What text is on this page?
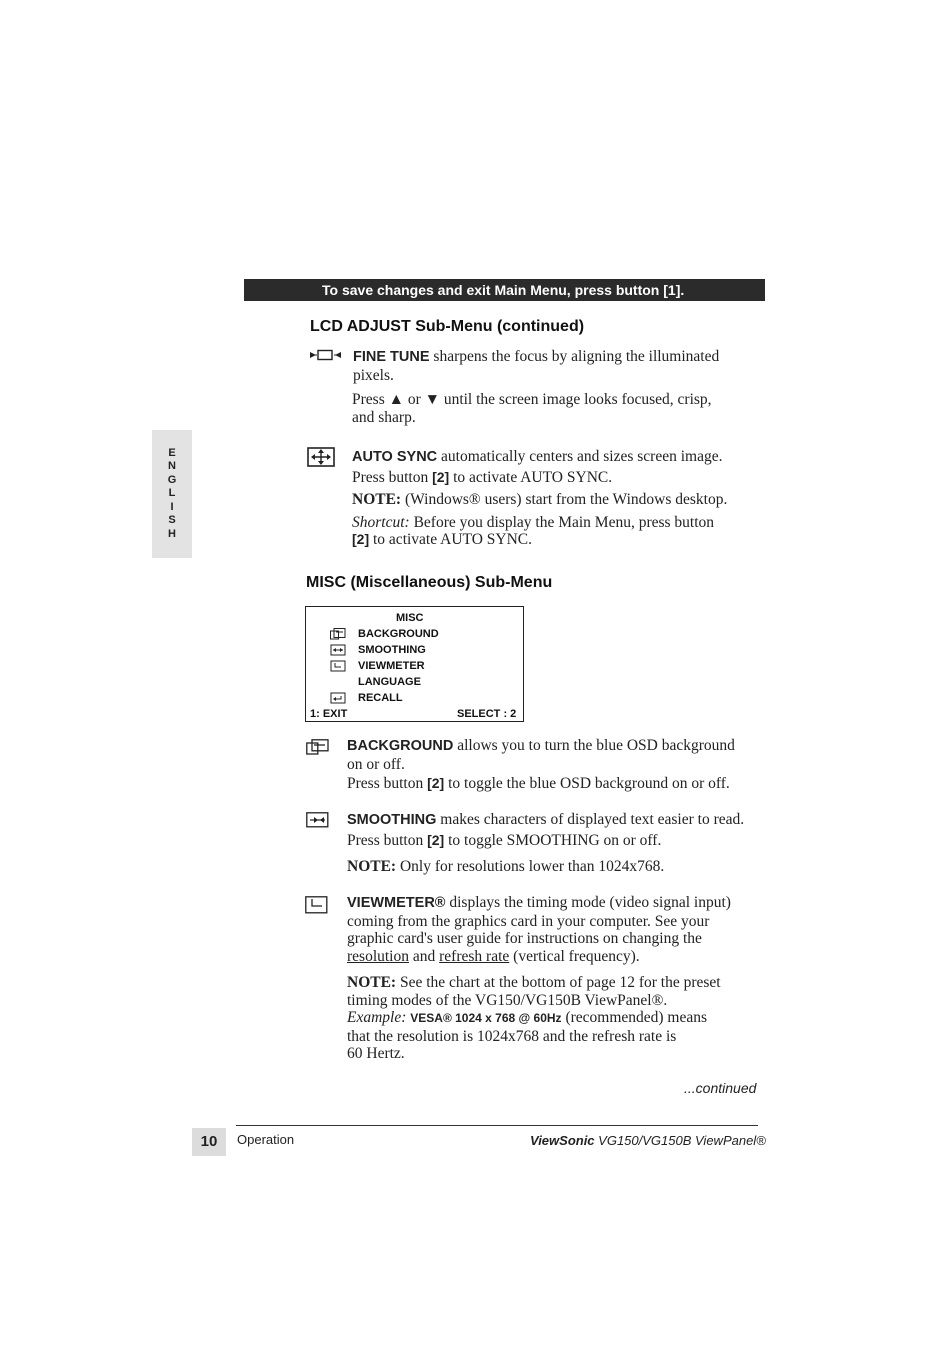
To save changes and exit Main Menu, press button [1].
E
N
G
L
I
S
H
LCD ADJUST Sub-Menu (continued)

FINE TUNE sharpens the focus by aligning the illuminated

pixels.

Press ▲ or ▼ until the screen image looks focused, crisp,

and sharp.

AUTO SYNC automatically centers and sizes screen image.

Press button [2] to activate AUTO SYNC.

NOTE: (Windows® users) start from the Windows desktop.

Shortcut: Before you display the Main Menu, press button

[2] to activate AUTO SYNC.

MISC (Miscellaneous) Sub-Menu
MISC
BACKGROUND
SMOOTHING
VIEWMETER
LANGUAGE
RECALL
1: EXIT	SELECT : 2

BACKGROUND allows you to turn the blue OSD background

on or off.

Press button [2] to toggle the blue OSD background on or off.

SMOOTHING makes characters of displayed text easier to read.

Press button [2] to toggle SMOOTHING on or off.

NOTE: Only for resolutions lower than 1024x768.

VIEWMETER® displays the timing mode (video signal input)

coming from the graphics card in your computer. See your

graphic card's user guide for instructions on changing the

resolution and refresh rate (vertical frequency).

NOTE: See the chart at the bottom of page 12 for the preset

timing modes of the VG150/VG150B ViewPanel®.

Example: VESA® 1024 x 768 @ 60Hz (recommended) means

that the resolution is 1024x768 and the refresh rate is

60 Hertz.

...continued
10	Operation	ViewSonic VG150/VG150B ViewPanel®
